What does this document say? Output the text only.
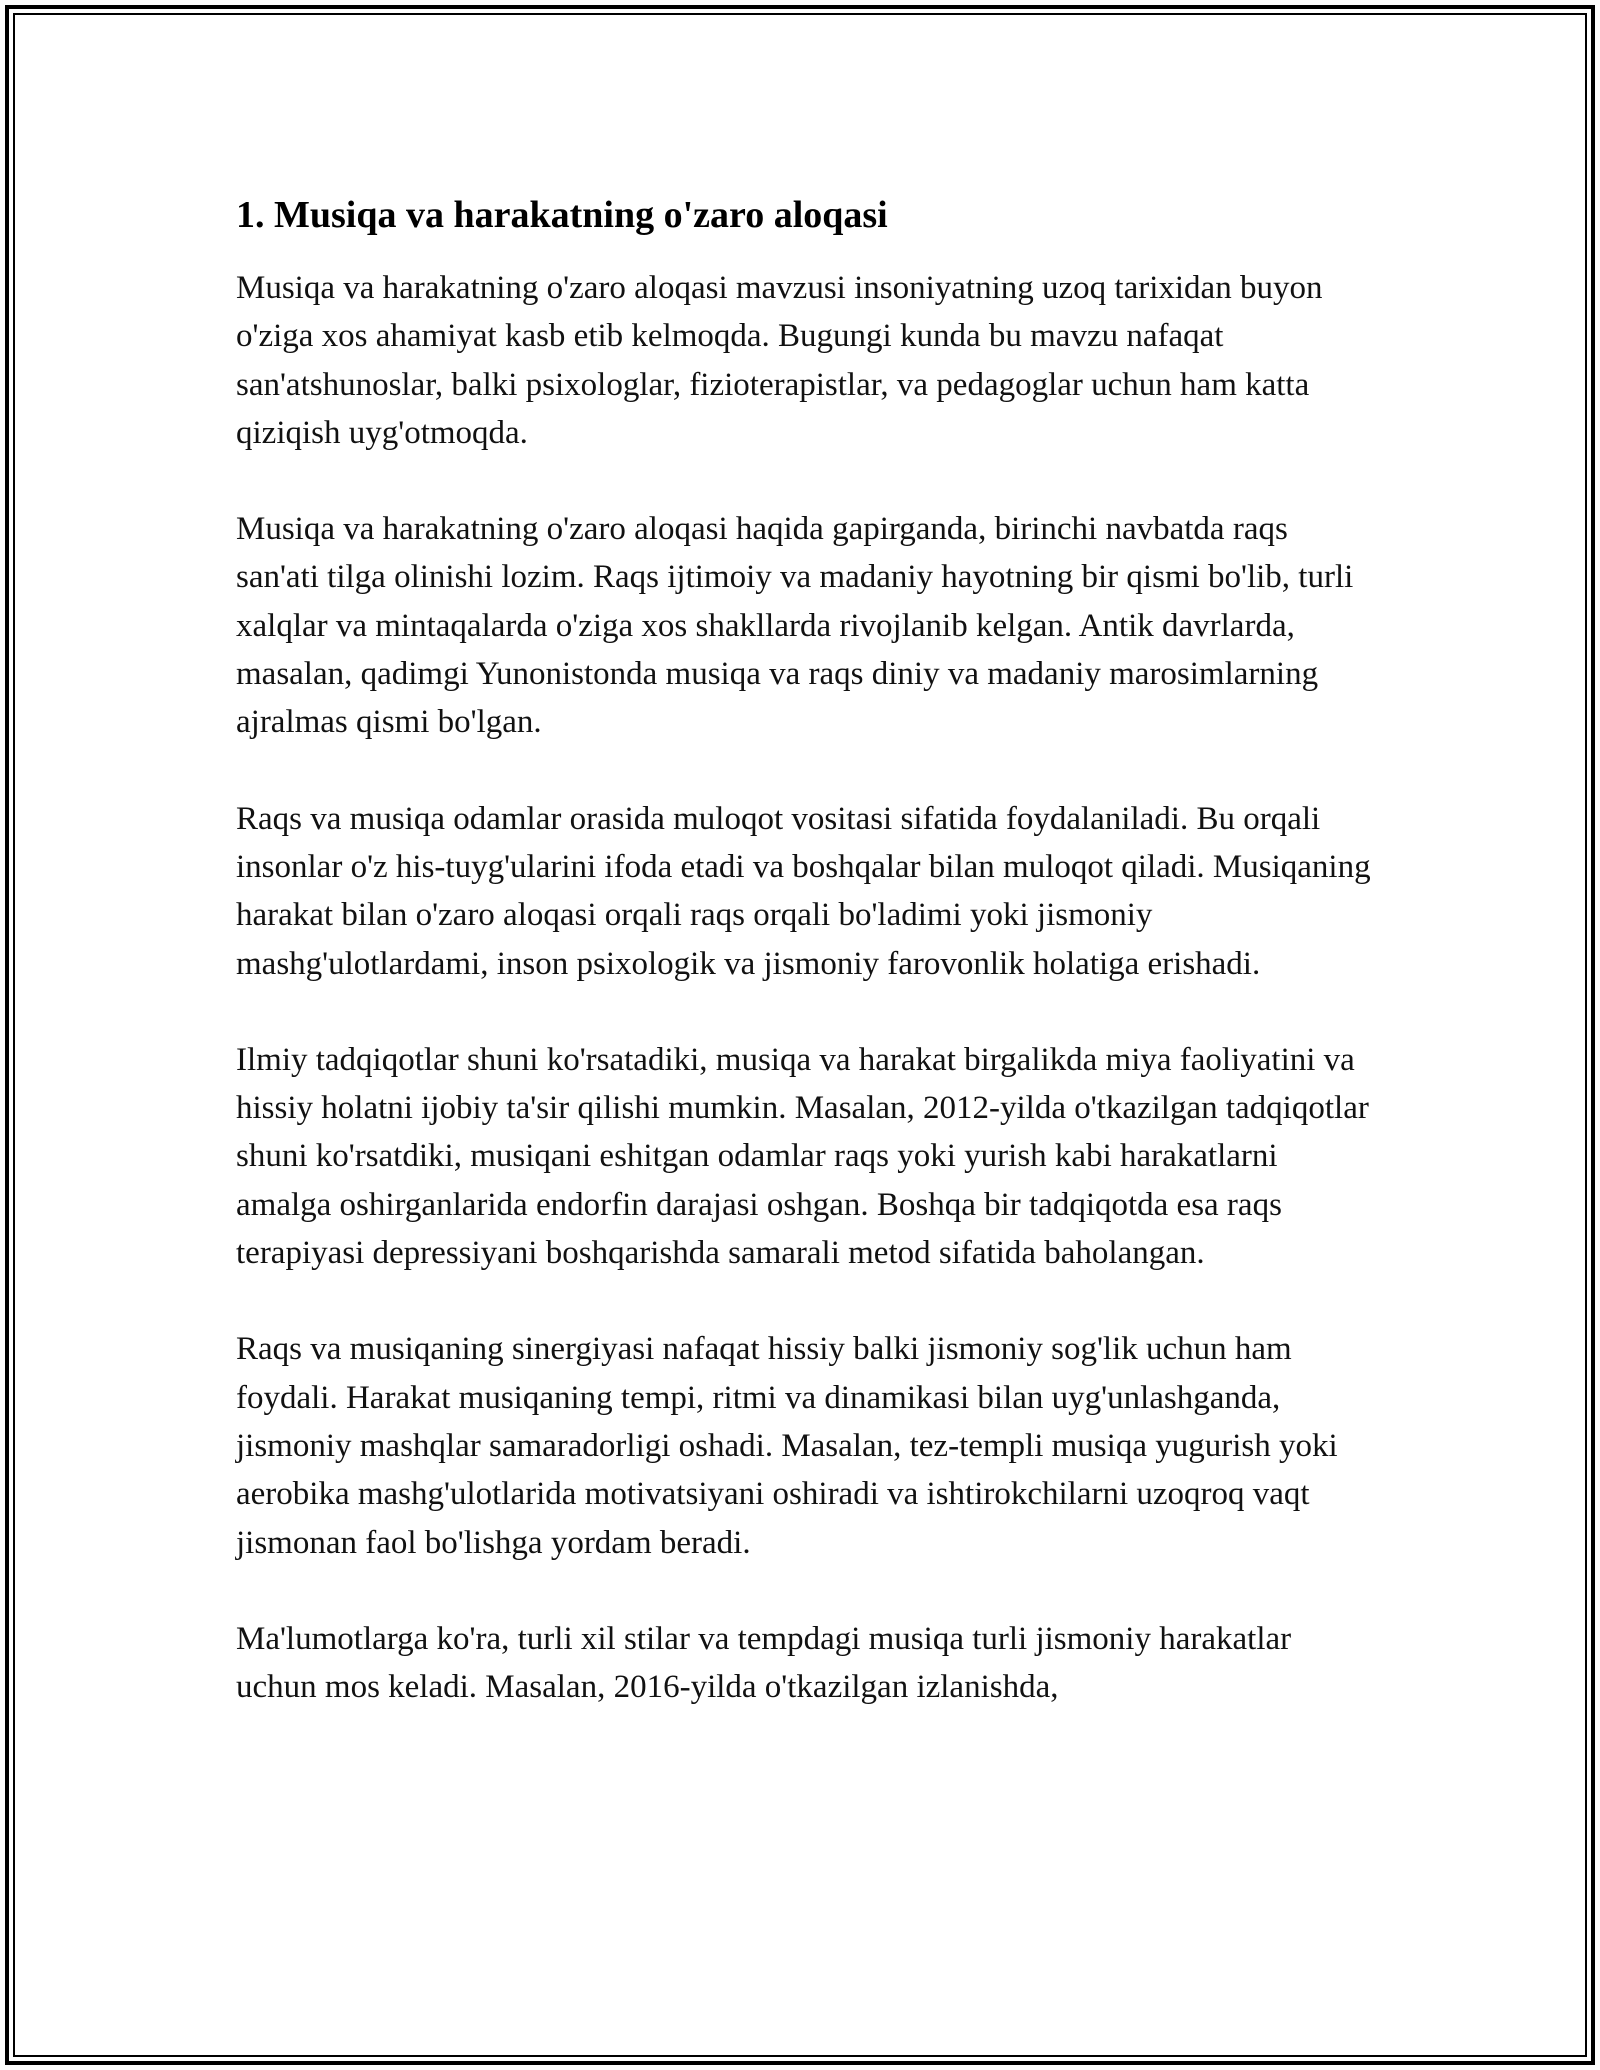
1. Musiqa va harakatning o'zaro aloqasi

Musiqa va harakatning o'zaro aloqasi mavzusi insoniyatning uzoq tarixidan buyon o'ziga xos ahamiyat kasb etib kelmoqda. Bugungi kunda bu mavzu nafaqat san'atshunoslar, balki psixologlar, fizioterapistlar, va pedagoglar uchun ham katta qiziqish uyg'otmoqda.

Musiqa va harakatning o'zaro aloqasi haqida gapirganda, birinchi navbatda raqs san'ati tilga olinishi lozim. Raqs ijtimoiy va madaniy hayotning bir qismi bo'lib, turli xalqlar va mintaqalarda o'ziga xos shakllarda rivojlanib kelgan. Antik davrlarda, masalan, qadimgi Yunonistonda musiqa va raqs diniy va madaniy marosimlarning ajralmas qismi bo'lgan.

Raqs va musiqa odamlar orasida muloqot vositasi sifatida foydalaniladi. Bu orqali insonlar o'z his-tuyg'ularini ifoda etadi va boshqalar bilan muloqot qiladi. Musiqaning harakat bilan o'zaro aloqasi orqali raqs orqali bo'ladimi yoki jismoniy mashg'ulotlardami, inson psixologik va jismoniy farovonlik holatiga erishadi.

Ilmiy tadqiqotlar shuni ko'rsatadiki, musiqa va harakat birgalikda miya faoliyatini va hissiy holatni ijobiy ta'sir qilishi mumkin. Masalan, 2012-yilda o'tkazilgan tadqiqotlar shuni ko'rsatdiki, musiqani eshitgan odamlar raqs yoki yurish kabi harakatlarni amalga oshirganlarida endorfin darajasi oshgan. Boshqa bir tadqiqotda esa raqs terapiyasi depressiyani boshqarishda samarali metod sifatida baholangan.

Raqs va musiqaning sinergiyasi nafaqat hissiy balki jismoniy sog'lik uchun ham foydali. Harakat musiqaning tempi, ritmi va dinamikasi bilan uyg'unlashganda, jismoniy mashqlar samaradorligi oshadi. Masalan, tez-templi musiqa yugurish yoki aerobika mashg'ulotlarida motivatsiyani oshiradi va ishtirokchilarni uzoqroq vaqt jismonan faol bo'lishga yordam beradi.

Ma'lumotlarga ko'ra, turli xil stilar va tempdagi musiqa turli jismoniy harakatlar uchun mos keladi. Masalan, 2016-yilda o'tkazilgan izlanishda,
